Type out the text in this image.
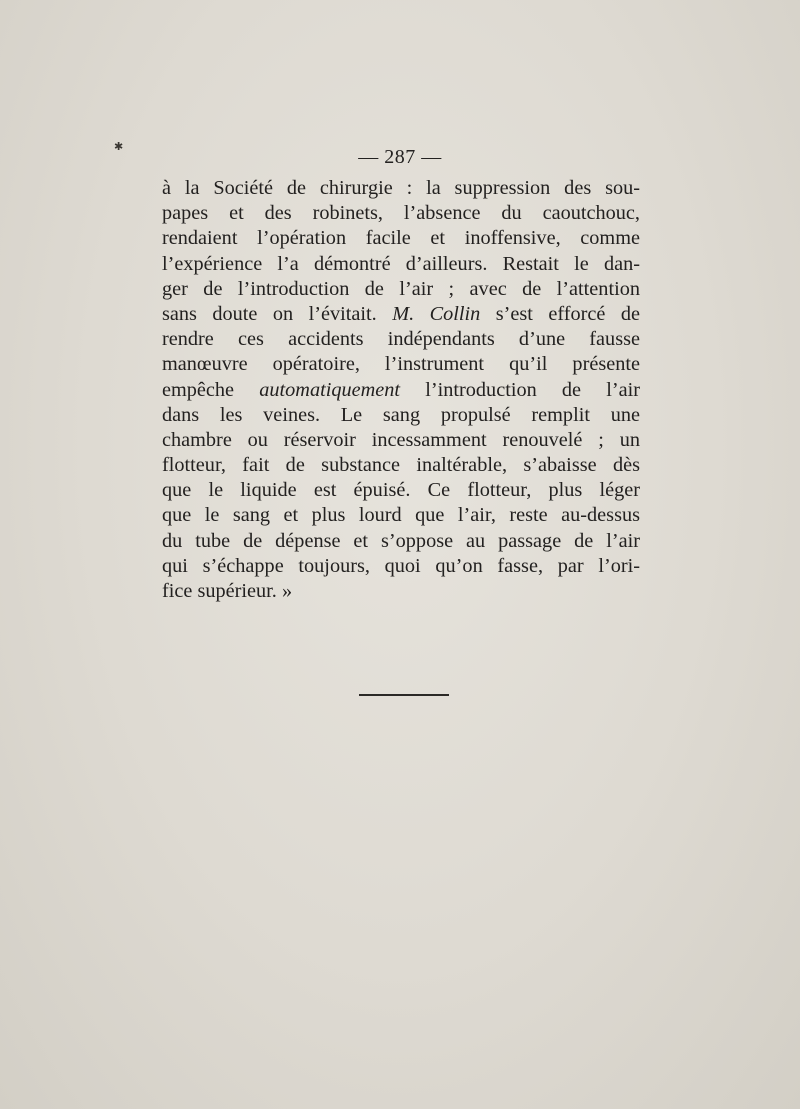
✱	— 287 —
à la Société de chirurgie : la suppression des sou-
papes et des robinets, l’absence du caoutchouc,
rendaient l’opération facile et inoffensive, comme
l’expérience l’a démontré d’ailleurs. Restait le dan-
ger de l’introduction de l’air ; avec de l’attention
sans doute on l’évitait. M. Collin s’est efforcé de
rendre ces accidents indépendants d’une fausse
manœuvre opératoire, l’instrument qu’il présente
empêche automatiquement l’introduction de l’air
dans les veines. Le sang propulsé remplit une
chambre ou réservoir incessamment renouvelé ; un
flotteur, fait de substance inaltérable, s’abaisse dès
que le liquide est épuisé. Ce flotteur, plus léger
que le sang et plus lourd que l’air, reste au-dessus
du tube de dépense et s’oppose au passage de l’air
qui s’échappe toujours, quoi qu’on fasse, par l’ori-
fice supérieur. »
